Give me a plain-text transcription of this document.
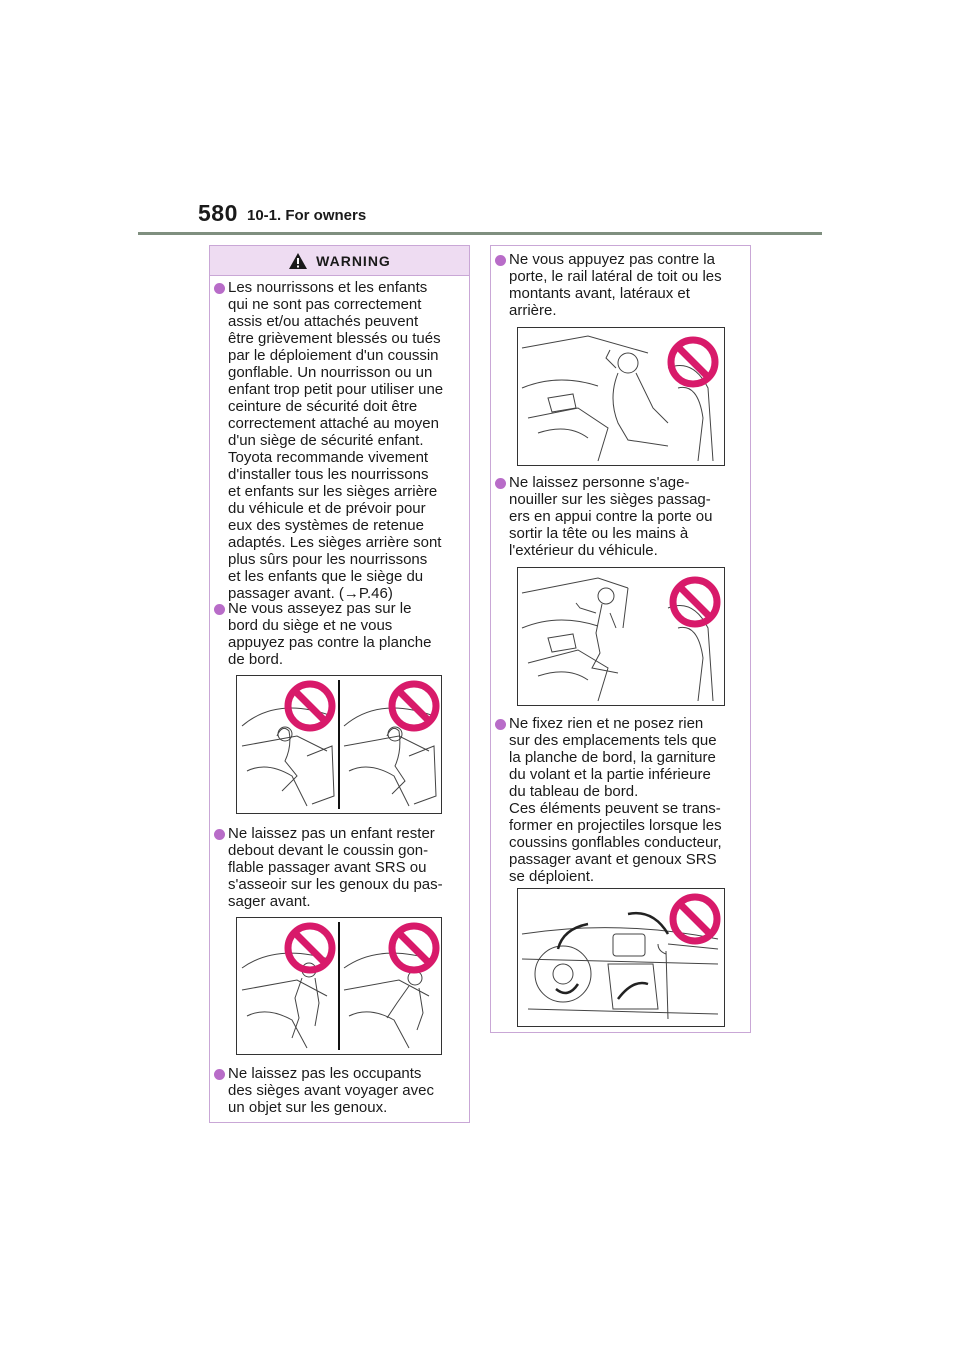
580 10-1. For owners
WARNING
Les nourrissons et les enfants
qui ne sont pas correctement
assis et/ou attachés peuvent
être grièvement blessés ou tués
par le déploiement d'un coussin
gonflable. Un nourrisson ou un
enfant trop petit pour utiliser une
ceinture de sécurité doit être
correctement attaché au moyen
d'un siège de sécurité enfant.
Toyota recommande vivement
d'installer tous les nourrissons
et enfants sur les sièges arrière
du véhicule et de prévoir pour
eux des systèmes de retenue
adaptés. Les sièges arrière sont
plus sûrs pour les nourrissons
et les enfants que le siège du
passager avant. (→P.46)
Ne vous asseyez pas sur le
bord du siège et ne vous
appuyez pas contre la planche
de bord.
Ne laissez pas un enfant rester
debout devant le coussin gon-
flable passager avant SRS ou
s'asseoir sur les genoux du pas-
sager avant.
Ne laissez pas les occupants
des sièges avant voyager avec
un objet sur les genoux.
Ne vous appuyez pas contre la
porte, le rail latéral de toit ou les
montants avant, latéraux et
arrière.
Ne laissez personne s'age-
nouiller sur les sièges passag-
ers en appui contre la porte ou
sortir la tête ou les mains à
l'extérieur du véhicule.
Ne fixez rien et ne posez rien
sur des emplacements tels que
la planche de bord, la garniture
du volant et la partie inférieure
du tableau de bord.
Ces éléments peuvent se trans-
former en projectiles lorsque les
coussins gonflables conducteur,
passager avant et genoux SRS
se déploient.
